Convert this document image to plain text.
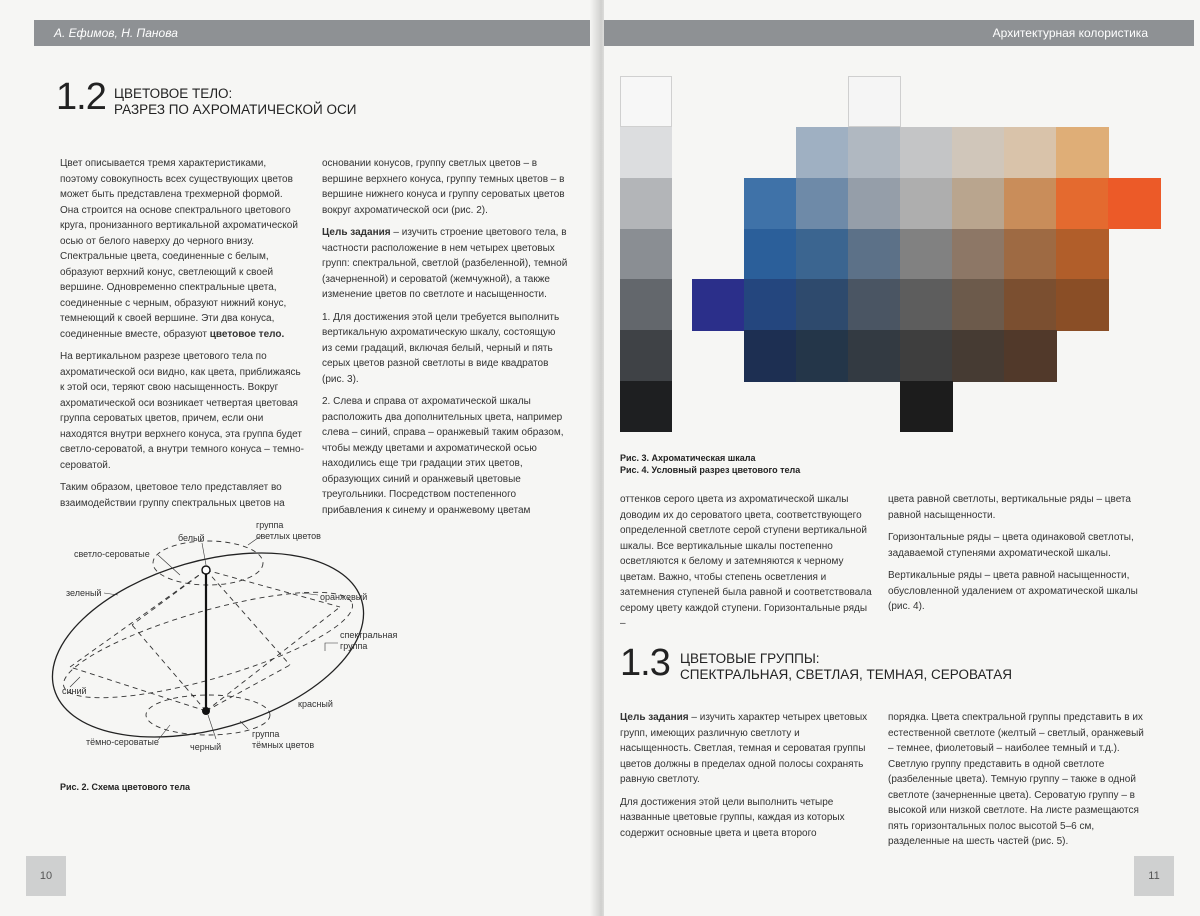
А. Ефимов, Н. Панова
1.2 ЦВЕТОВОЕ ТЕЛО:
РАЗРЕЗ ПО АХРОМАТИЧЕСКОЙ ОСИ

Цвет описывается тремя характеристиками, поэтому совокупность всех существующих цветов может быть представлена трехмерной формой. Она строится на основе спектрального цветового круга, пронизанного вертикальной ахроматической осью от белого наверху до черного внизу. Спектральные цвета, соединенные с белым, образуют верхний конус, светлеющий к своей вершине. Одновременно спектральные цвета, соединенные с черным, образуют нижний конус, темнеющий к своей вершине. Эти два конуса, соединенные вместе, образуют цветовое тело.

На вертикальном разрезе цветового тела по ахроматической оси видно, как цвета, приближаясь к этой оси, теряют свою насыщенность. Вокруг ахроматической оси возникает четвертая цветовая группа сероватых цветов, причем, если они находятся внутри верхнего конуса, эта группа будет светло-сероватой, а внутри темного конуса – темно-сероватой.

Таким образом, цветовое тело представляет во взаимодействии группу спектральных цветов на

основании конусов, группу светлых цветов – в вершине верхнего конуса, группу темных цветов – в вершине нижнего конуса и группу сероватых цветов вокруг ахроматической оси (рис. 2).

Цель задания – изучить строение цветового тела, в частности расположение в нем четырех цветовых групп: спектральной, светлой (разбеленной), темной (зачерненной) и сероватой (жемчужной), а также изменение цветов по светлоте и насыщенности.

1. Для достижения этой цели требуется выполнить вертикальную ахроматическую шкалу, состоящую из семи градаций, включая белый, черный и пять серых цветов разной светлоты в виде квадратов (рис. 3).

2. Слева и справа от ахроматической шкалы расположить два дополнительных цвета, например слева – синий, справа – оранжевый таким образом, чтобы между цветами и ахроматической осью находились еще три градации этих цветов, образующих синий и оранжевый цветовые треугольники. Посредством постепенного прибавления к синему и оранжевому цветам

белый
группа
светлых цветов
светло-сероватые
зеленый	оранжевый
спектральная
группа
синий
красный
тёмно-сероватые	черный
группа
тёмных цветов
Рис. 2. Схема цветового тела
10
Архитектурная колористика
Рис. 3. Ахроматическая шкала
Рис. 4. Условный разрез цветового тела

оттенков серого цвета из ахроматической шкалы доводим их до сероватого цвета, соответствующего определенной светлоте серой ступени вертикальной шкалы. Все вертикальные шкалы постепенно осветляются к белому и затемняются к черному цветам. Важно, чтобы степень осветления и затемнения ступеней была равной и соответствовала серому цвету каждой ступени. Горизонтальные ряды –

цвета равной светлоты, вертикальные ряды – цвета равной насыщенности.

Горизонтальные ряды – цвета одинаковой светлоты, задаваемой ступенями ахроматической шкалы.

Вертикальные ряды – цвета равной насыщенности, обусловленной удалением от ахроматической шкалы (рис. 4).

1.3 ЦВЕТОВЫЕ ГРУППЫ:
СПЕКТРАЛЬНАЯ, СВЕТЛАЯ, ТЕМНАЯ, СЕРОВАТАЯ

Цель задания – изучить характер четырех цветовых групп, имеющих различную светлоту и насыщенность. Светлая, темная и сероватая группы цветов должны в пределах одной полосы сохранять равную светлоту.

Для достижения этой цели выполнить четыре названные цветовые группы, каждая из которых содержит основные цвета и цвета второго

порядка. Цвета спектральной группы представить в их естественной светлоте (желтый – светлый, оранжевый – темнее, фиолетовый – наиболее темный и т.д.). Светлую группу представить в одной светлоте (разбеленные цвета). Темную группу – также в одной светлоте (зачерненные цвета). Сероватую группу – в высокой или низкой светлоте. На листе размещаются пять горизонтальных полос высотой 5–6 см, разделенные на шесть частей (рис. 5).

11
